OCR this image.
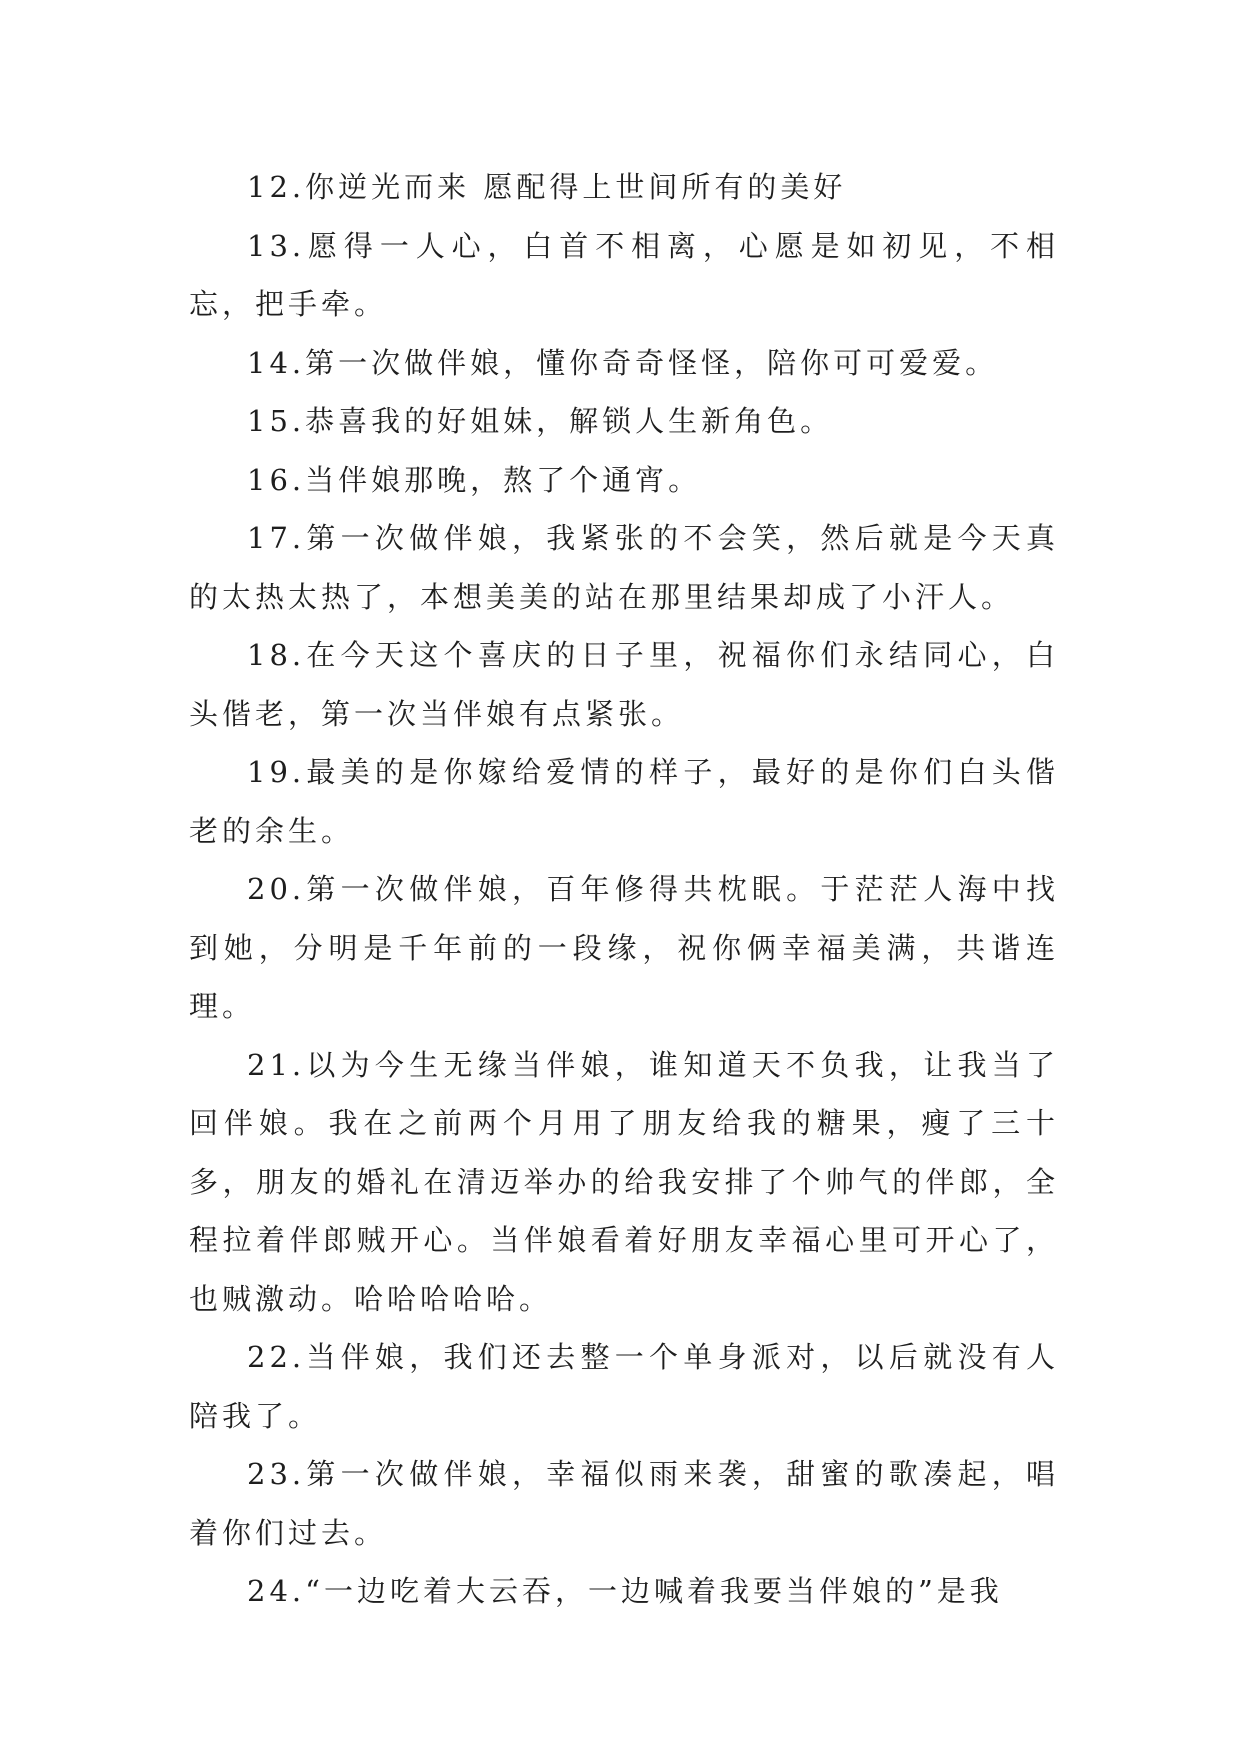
12.你逆光而来 愿配得上世间所有的美好

13.愿得一人心，白首不相离，心愿是如初见，不相忘，把手牵。

14.第一次做伴娘，懂你奇奇怪怪，陪你可可爱爱。

15.恭喜我的好姐妹，解锁人生新角色。

16.当伴娘那晚，熬了个通宵。

17.第一次做伴娘，我紧张的不会笑，然后就是今天真的太热太热了，本想美美的站在那里结果却成了小汗人。

18.在今天这个喜庆的日子里，祝福你们永结同心，白头偕老，第一次当伴娘有点紧张。

19.最美的是你嫁给爱情的样子，最好的是你们白头偕老的余生。

20.第一次做伴娘，百年修得共枕眠。于茫茫人海中找到她，分明是千年前的一段缘，祝你俩幸福美满，共谐连理。

21.以为今生无缘当伴娘，谁知道天不负我，让我当了回伴娘。我在之前两个月用了朋友给我的糖果，瘦了三十多，朋友的婚礼在清迈举办的给我安排了个帅气的伴郎，全程拉着伴郎贼开心。当伴娘看着好朋友幸福心里可开心了，也贼激动。哈哈哈哈哈。

22.当伴娘，我们还去整一个单身派对，以后就没有人陪我了。

23.第一次做伴娘，幸福似雨来袭，甜蜜的歌凑起，唱着你们过去。

24.“一边吃着大云吞，一边喊着我要当伴娘的”是我
